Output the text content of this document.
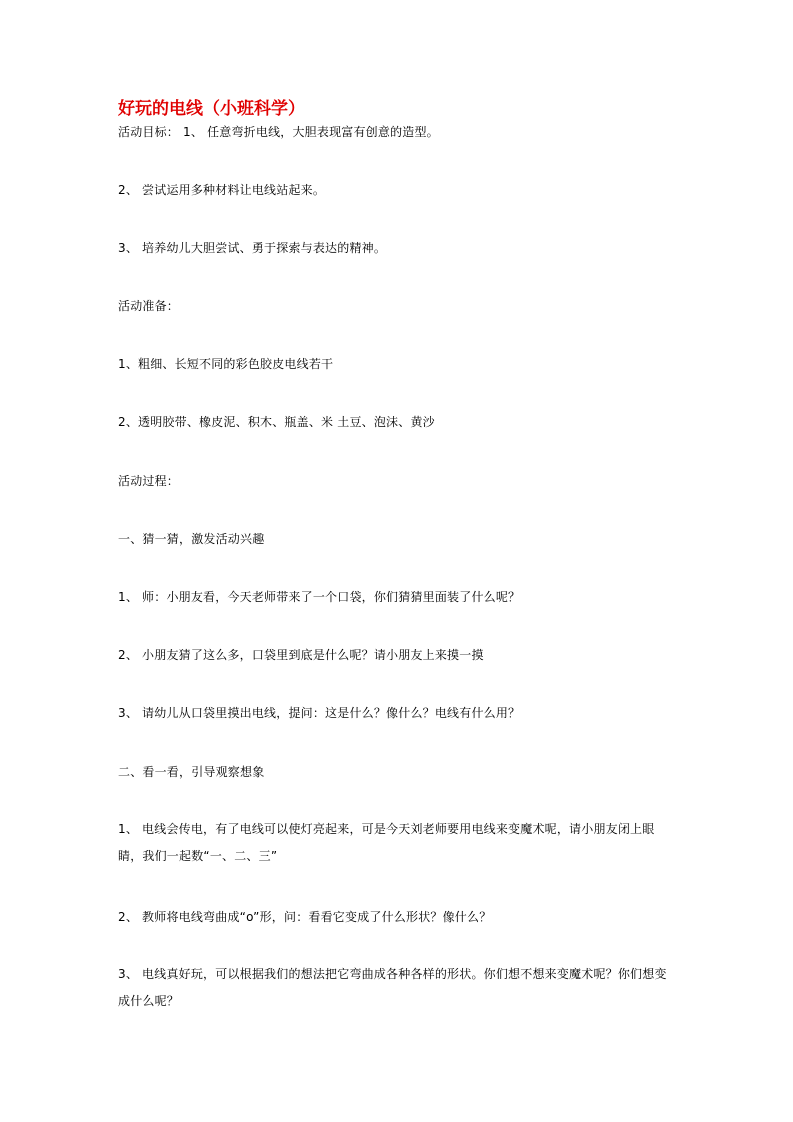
好玩的电线（小班科学）
活动目标： 1、 任意弯折电线，大胆表现富有创意的造型。
2、 尝试运用多种材料让电线站起来。
3、 培养幼儿大胆尝试、勇于探索与表达的精神。
活动准备：
1、粗细、长短不同的彩色胶皮电线若干
2、透明胶带、橡皮泥、积木、瓶盖、米 土豆、泡沫、黄沙
活动过程：
一、猜一猜，激发活动兴趣
1、 师：小朋友看，今天老师带来了一个口袋，你们猜猜里面装了什么呢？
2、 小朋友猜了这么多，口袋里到底是什么呢？请小朋友上来摸一摸
3、 请幼儿从口袋里摸出电线，提问：这是什么？像什么？电线有什么用？
二、看一看，引导观察想象
1、 电线会传电，有了电线可以使灯亮起来，可是今天刘老师要用电线来变魔术呢，请小朋友闭上眼睛，我们一起数“一、二、三”
2、 教师将电线弯曲成“o”形，问：看看它变成了什么形状？像什么？
3、 电线真好玩，可以根据我们的想法把它弯曲成各种各样的形状。你们想不想来变魔术呢？你们想变成什么呢？
